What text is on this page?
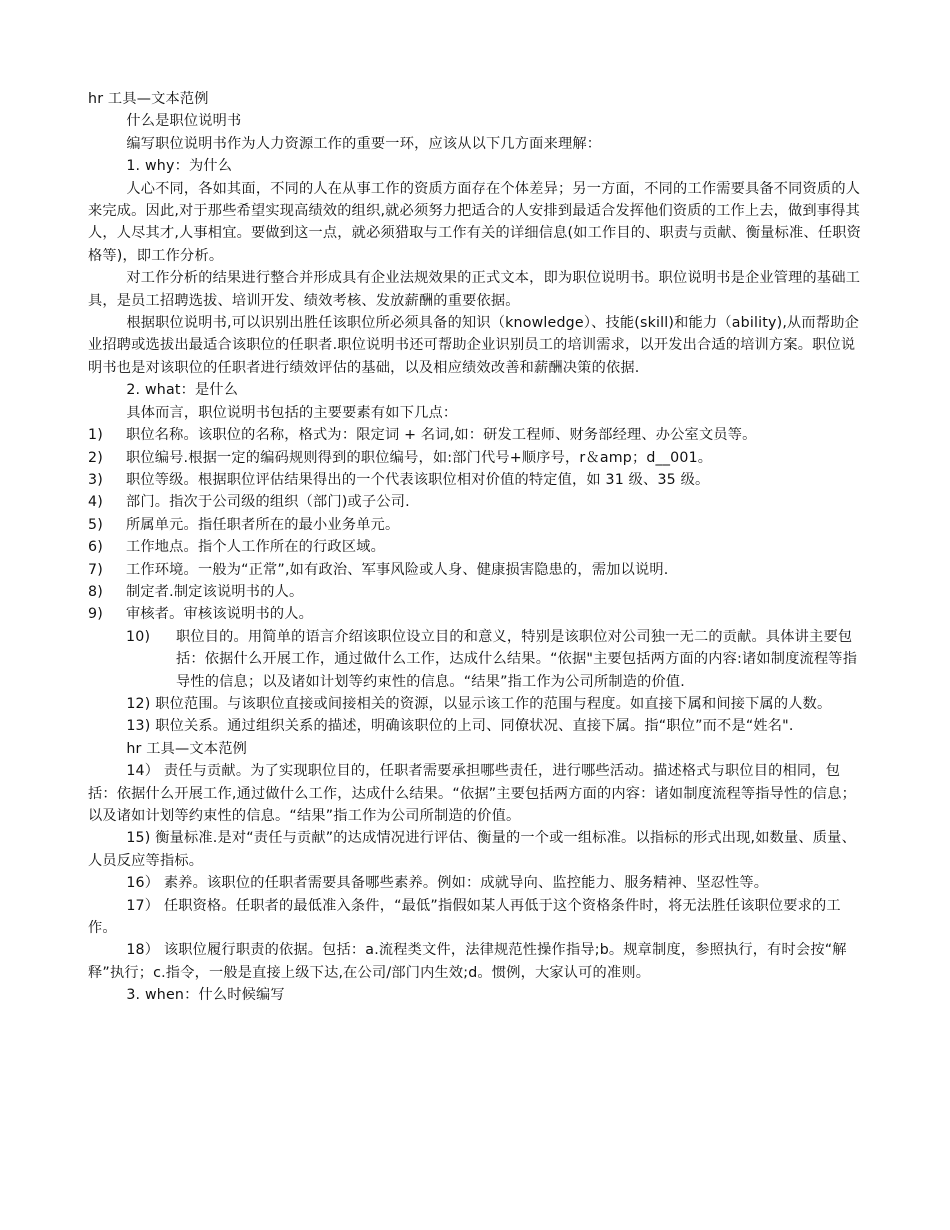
hr 工具—文本范例

什么是职位说明书

编写职位说明书作为人力资源工作的重要一环，应该从以下几方面来理解：

1. why：为什么

人心不同，各如其面，不同的人在从事工作的资质方面存在个体差异；另一方面，不同的工作需要具备不同资质的人来完成。因此,对于那些希望实现高绩效的组织,就必须努力把适合的人安排到最适合发挥他们资质的工作上去，做到事得其人，人尽其才,人事相宜。要做到这一点，就必须猎取与工作有关的详细信息(如工作目的、职责与贡献、衡量标准、任职资格等)，即工作分析。

对工作分析的结果进行整合并形成具有企业法规效果的正式文本，即为职位说明书。职位说明书是企业管理的基础工具，是员工招聘选拔、培训开发、绩效考核、发放薪酬的重要依据。

根据职位说明书,可以识别出胜任该职位所必须具备的知识（knowledge）、技能(skill)和能力（ability),从而帮助企业招聘或选拔出最适合该职位的任职者.职位说明书还可帮助企业识别员工的培训需求，以开发出合适的培训方案。职位说明书也是对该职位的任职者进行绩效评估的基础，以及相应绩效改善和薪酬决策的依据.

2. what：是什么

具体而言，职位说明书包括的主要要素有如下几点：

1)	职位名称。该职位的名称，格式为：限定词 + 名词,如：研发工程师、财务部经理、办公室文员等。
2)	职位编号.根据一定的编码规则得到的职位编号，如:部门代号+顺序号，r＆amp；d__001。
3)	职位等级。根据职位评估结果得出的一个代表该职位相对价值的特定值，如 31 级、35 级。
4)	部门。指次于公司级的组织（部门)或子公司.
5)	所属单元。指任职者所在的最小业务单元。
6)	工作地点。指个人工作所在的行政区域。
7)	工作环境。一般为“正常”,如有政治、军事风险或人身、健康损害隐患的，需加以说明.
8)	制定者.制定该说明书的人。
9)	审核者。审核该说明书的人。
10)	职位目的。用简单的语言介绍该职位设立目的和意义，特别是该职位对公司独一无二的贡献。具体讲主要包括：依据什么开展工作，通过做什么工作，达成什么结果。“依据"主要包括两方面的内容:诸如制度流程等指导性的信息；以及诸如计划等约束性的信息。“结果”指工作为公司所制造的价值.

12) 职位范围。与该职位直接或间接相关的资源，以显示该工作的范围与程度。如直接下属和间接下属的人数。

13) 职位关系。通过组织关系的描述，明确该职位的上司、同僚状况、直接下属。指“职位”而不是“姓名".

hr 工具—文本范例

14） 责任与贡献。为了实现职位目的，任职者需要承担哪些责任，进行哪些活动。描述格式与职位目的相同，包括：依据什么开展工作,通过做什么工作，达成什么结果。“依据”主要包括两方面的内容：诸如制度流程等指导性的信息；以及诸如计划等约束性的信息。“结果”指工作为公司所制造的价值。

15) 衡量标准.是对“责任与贡献”的达成情况进行评估、衡量的一个或一组标准。以指标的形式出现,如数量、质量、人员反应等指标。

16） 素养。该职位的任职者需要具备哪些素养。例如：成就导向、监控能力、服务精神、坚忍性等。

17） 任职资格。任职者的最低准入条件，“最低”指假如某人再低于这个资格条件时，将无法胜任该职位要求的工作。

18） 该职位履行职责的依据。包括：a.流程类文件，法律规范性操作指导;b。规章制度，参照执行，有时会按“解释”执行；c.指令，一般是直接上级下达,在公司/部门内生效;d。惯例，大家认可的准则。

3. when：什么时候编写
